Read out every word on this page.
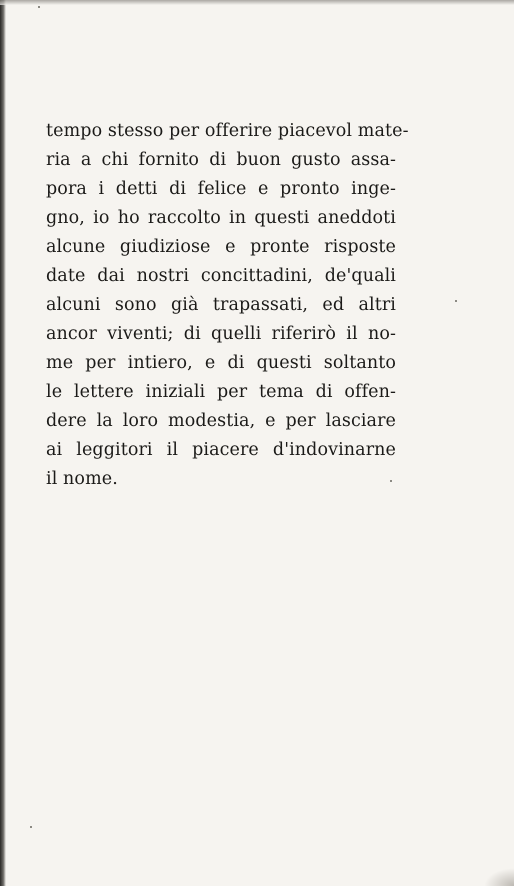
tempo stesso per offerire piacevol mate-
ria a chi fornito di buon gusto assa-
pora i detti di felice e pronto inge-
gno, io ho raccolto in questi aneddoti
alcune giudiziose e pronte risposte
date dai nostri concittadini, de'quali
alcuni sono già trapassati, ed altri
ancor viventi; di quelli riferirò il no-
me per intiero, e di questi soltanto
le lettere iniziali per tema di offen-
dere la loro modestia, e per lasciare
ai leggitori il piacere d'indovinarne
il nome.
